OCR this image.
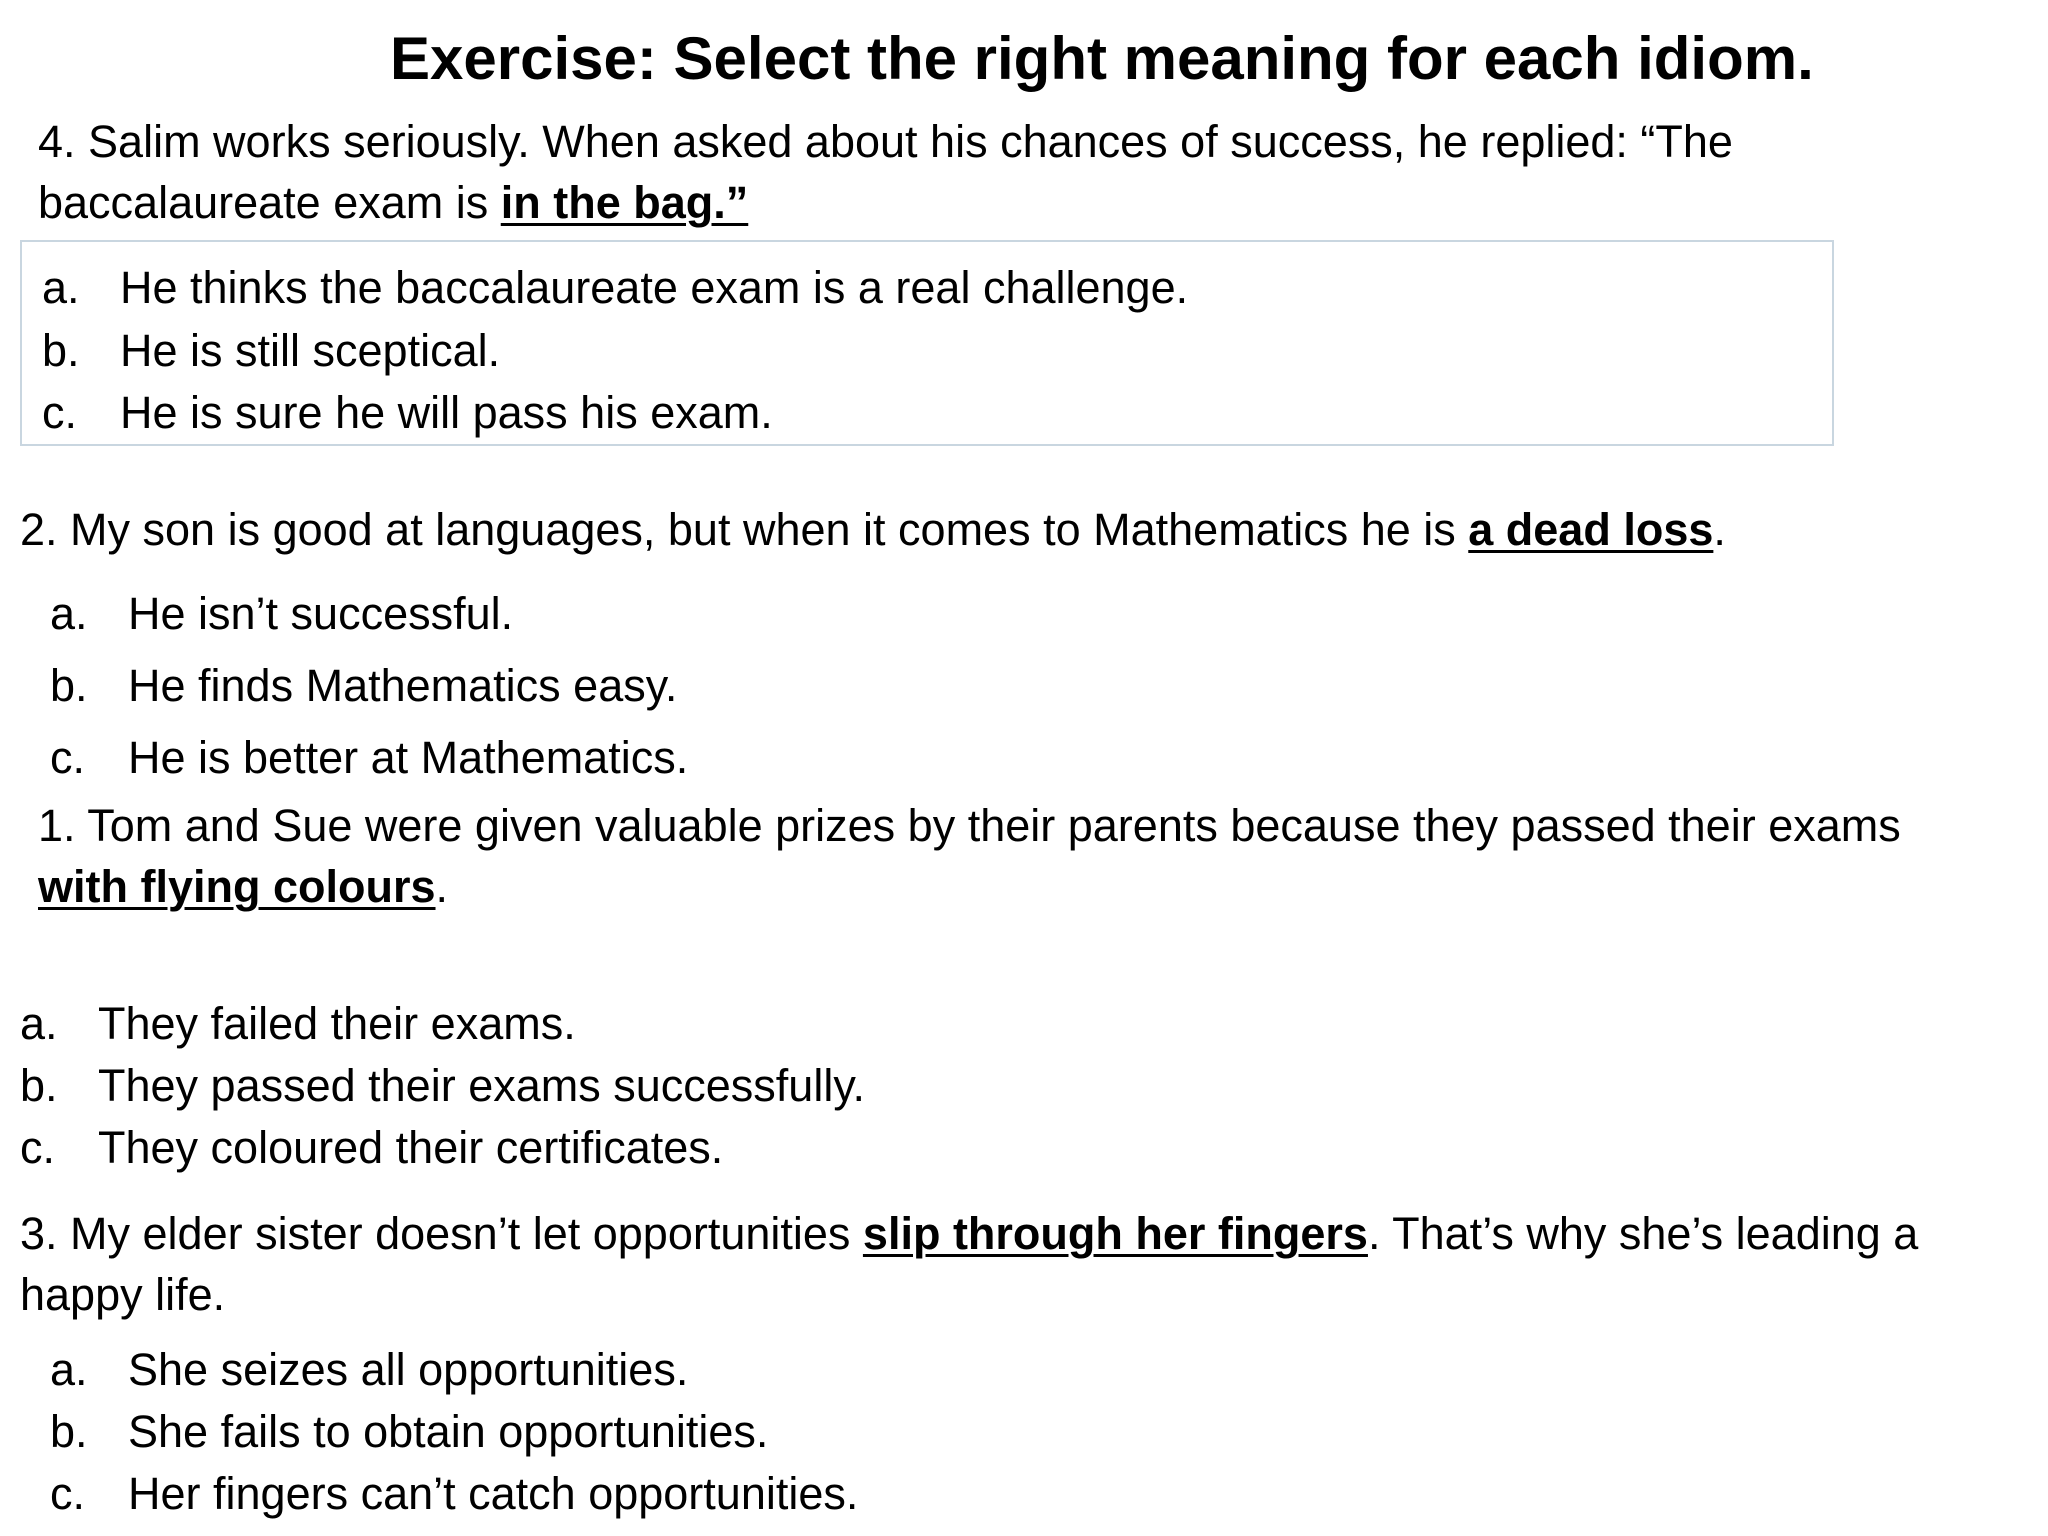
Exercise: Select the right meaning for each idiom.
4. Salim works seriously. When asked about his chances of success, he replied: “The
baccalaureate exam is in the bag.”
a. He thinks the baccalaureate exam is a real challenge.
b. He is still sceptical.
c. He is sure he will pass his exam.
2. My son is good at languages, but when it comes to Mathematics he is a dead loss.
a. He isn’t successful.
b. He finds Mathematics easy.
c. He is better at Mathematics.
1. Tom and Sue were given valuable prizes by their parents because they passed their exams
with flying colours.
a. They failed their exams.
b. They passed their exams successfully.
c. They coloured their certificates.
3. My elder sister doesn’t let opportunities slip through her fingers. That’s why she’s leading a
happy life.
a. She seizes all opportunities.
b. She fails to obtain opportunities.
c. Her fingers can’t catch opportunities.
